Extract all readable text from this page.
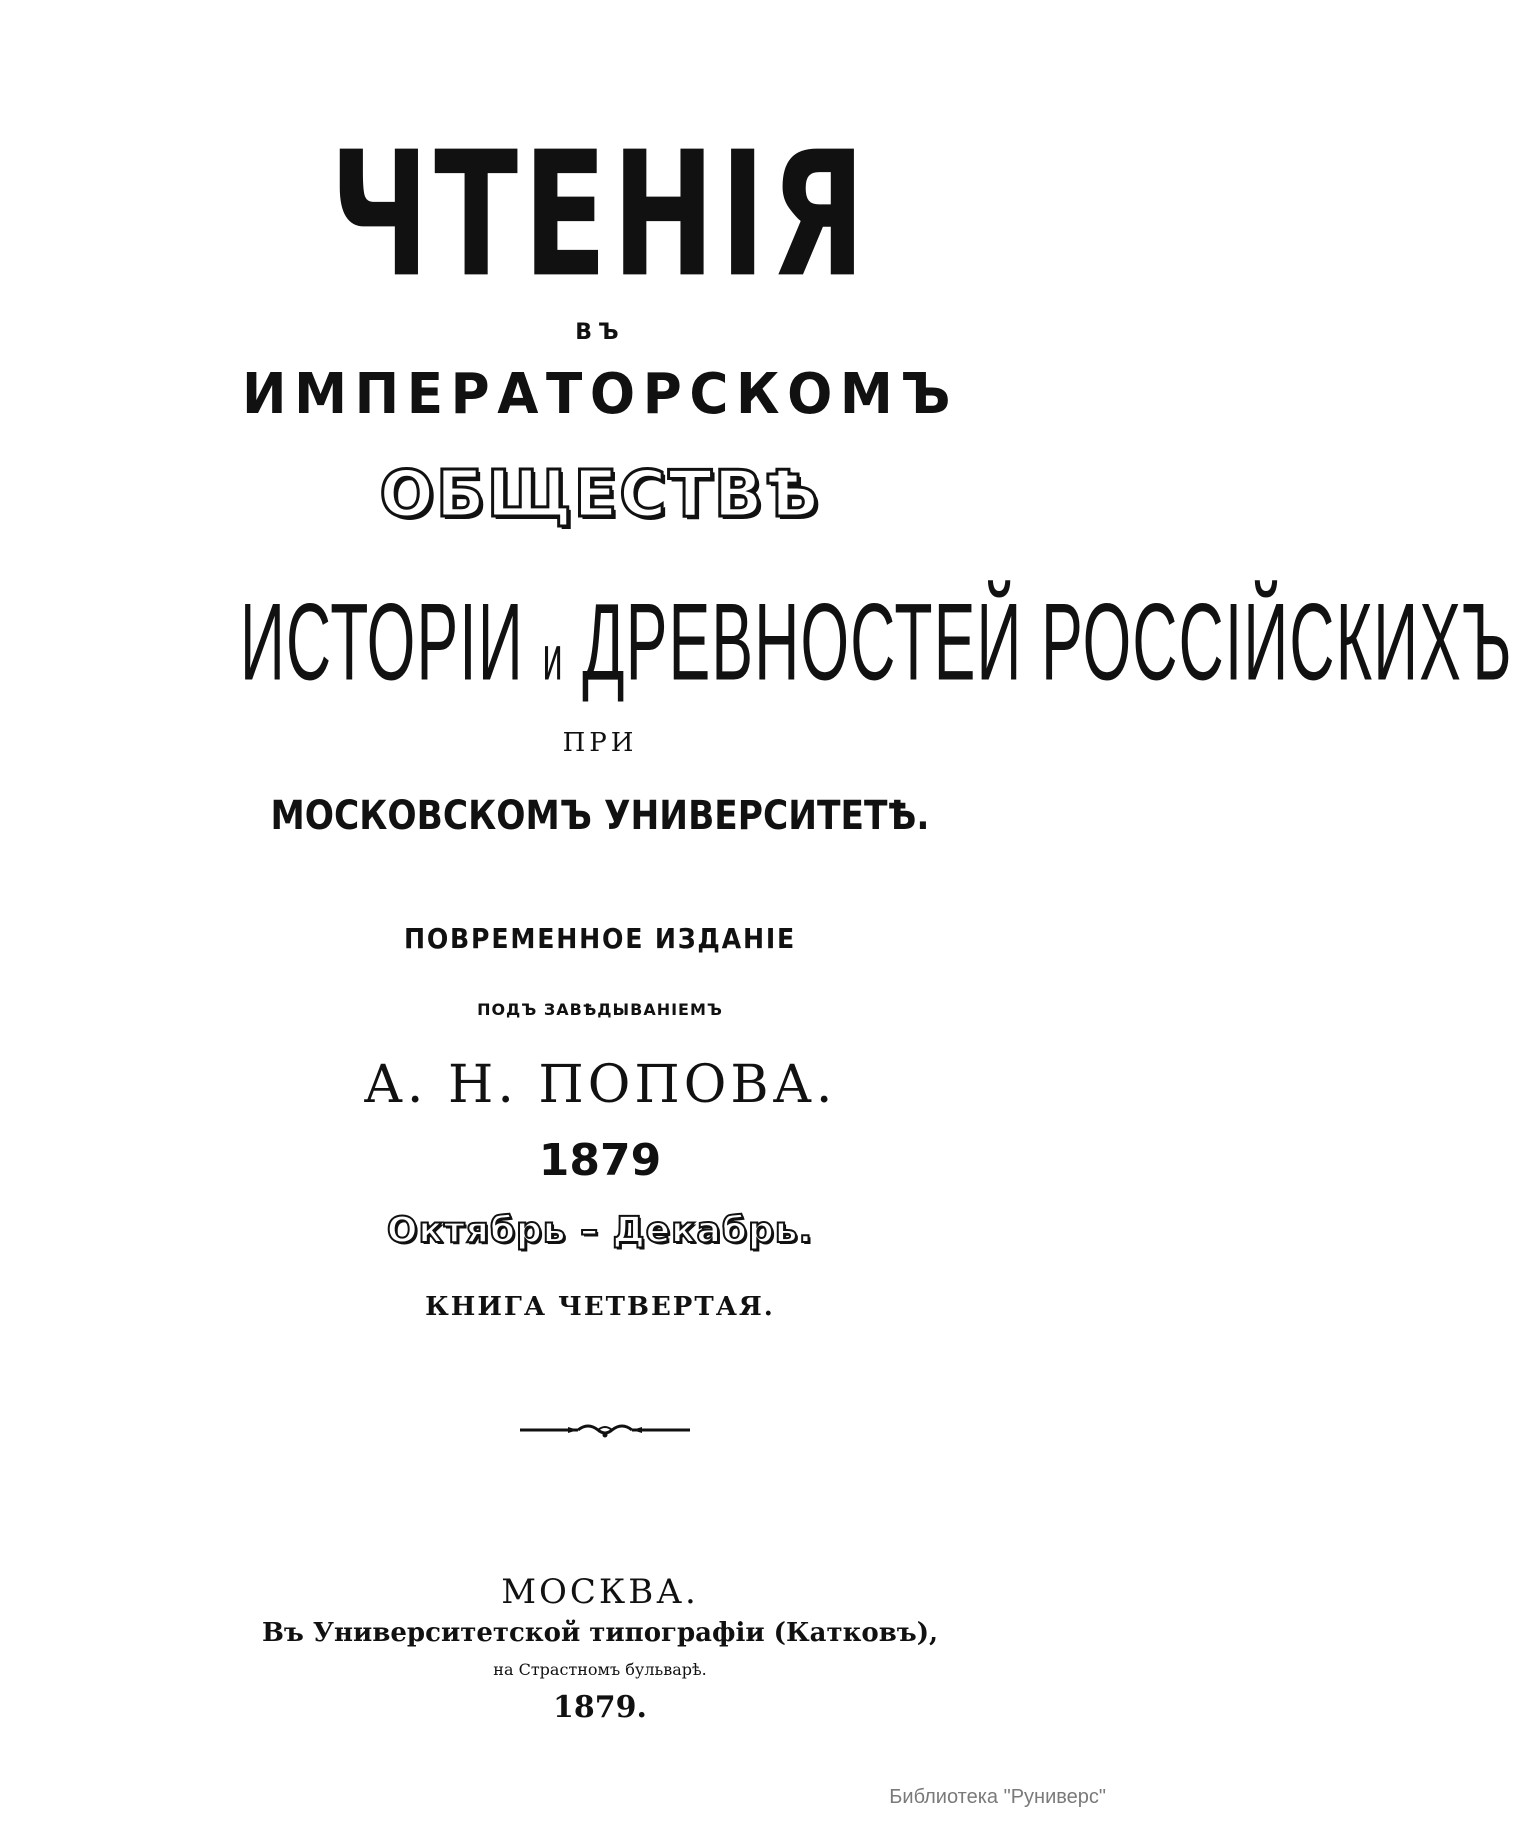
ЧТЕНІЯ
ВЪ
ИМПЕРАТОРСКОМЪ
ОБЩЕСТВѢ
ИСТОРІИ и ДРЕВНОСТЕЙ РОССІЙСКИХЪ
ПРИ
МОСКОВСКОМЪ УНИВЕРСИТЕТѢ.
ПОВРЕМЕННОЕ ИЗДАНІЕ
ПОДЪ ЗАВѢДЫВАНІЕМЪ
А. Н. ПОПОВА.
1879
Октябрь – Декабрь.
КНИГА ЧЕТВЕРТАЯ.
МОСКВА.
Въ Университетской типографіи (Катковъ),
на Страстномъ бульварѣ.
1879.
Библиотека "Руниверс"
